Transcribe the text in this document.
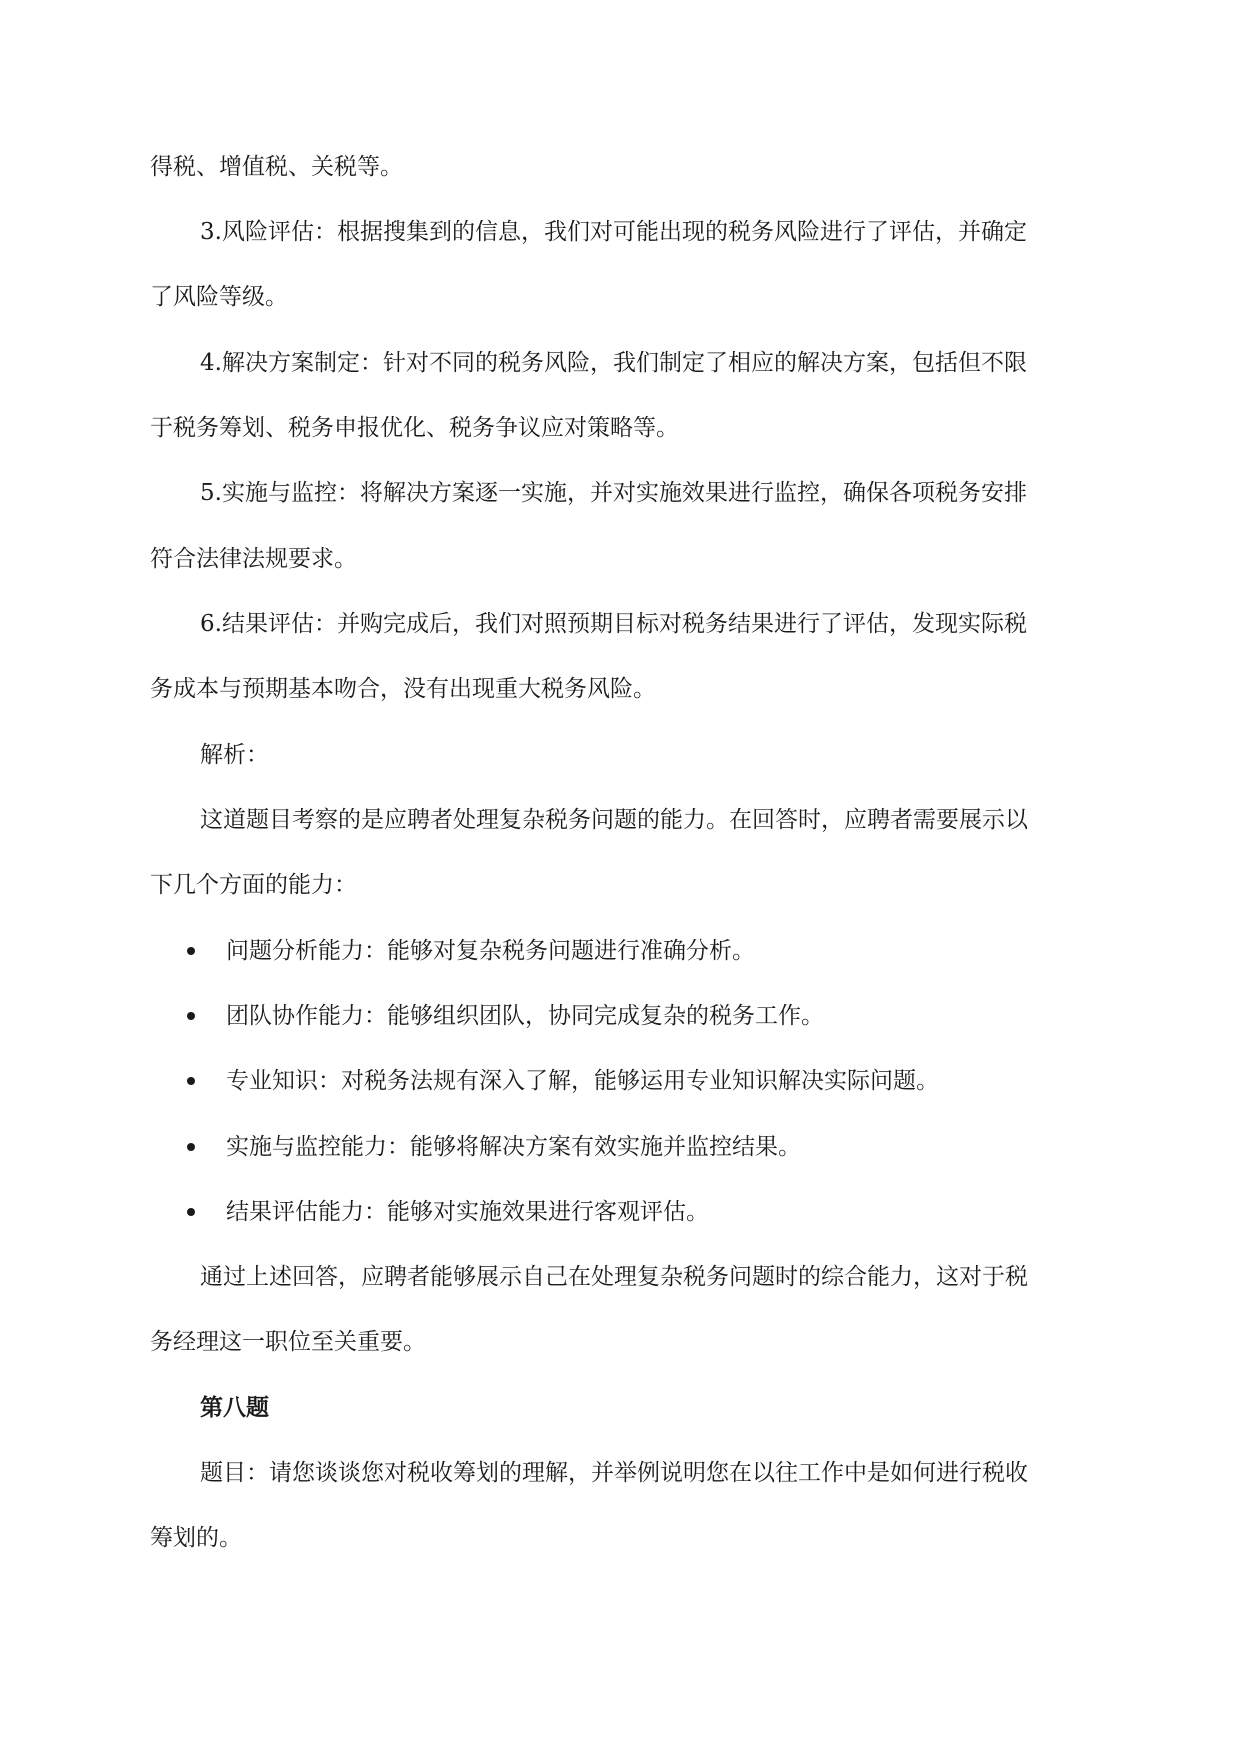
得税、增值税、关税等。
3.风险评估：根据搜集到的信息，我们对可能出现的税务风险进行了评估，并确定
了风险等级。
4.解决方案制定：针对不同的税务风险，我们制定了相应的解决方案，包括但不限
于税务筹划、税务申报优化、税务争议应对策略等。
5.实施与监控：将解决方案逐一实施，并对实施效果进行监控，确保各项税务安排
符合法律法规要求。
6.结果评估：并购完成后，我们对照预期目标对税务结果进行了评估，发现实际税
务成本与预期基本吻合，没有出现重大税务风险。
解析：
这道题目考察的是应聘者处理复杂税务问题的能力。在回答时，应聘者需要展示以
下几个方面的能力：
问题分析能力：能够对复杂税务问题进行准确分析。
团队协作能力：能够组织团队，协同完成复杂的税务工作。
专业知识：对税务法规有深入了解，能够运用专业知识解决实际问题。
实施与监控能力：能够将解决方案有效实施并监控结果。
结果评估能力：能够对实施效果进行客观评估。
通过上述回答，应聘者能够展示自己在处理复杂税务问题时的综合能力，这对于税
务经理这一职位至关重要。
第八题
题目：请您谈谈您对税收筹划的理解，并举例说明您在以往工作中是如何进行税收
筹划的。
